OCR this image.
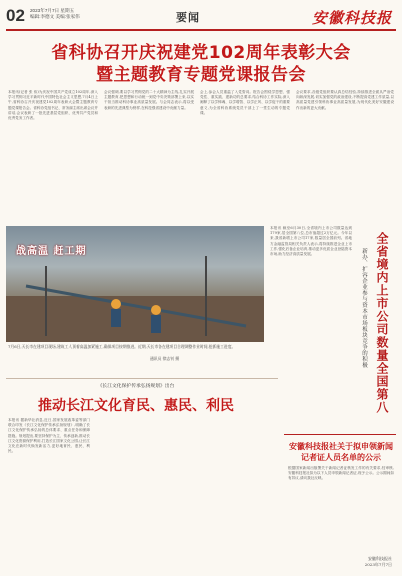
02 2023年7月7日 星期五
编辑:李德文 美编:张家伟	要闻	安徽科技报
省科协召开庆祝建党102周年表彰大会
暨主题教育专题党课报告会
本报讯(记者 张 伟)为庆祝中国共产党成立102周年,深入学习贯彻习近平新时代中国特色社会主义思想,7月4日上午,省科协召开庆祝建党102周年表彰大会暨主题教育专题党课报告会。省科协党组书记、常务副主席出席会议并讲话,会议表彰了一批先进基层党组织、优秀共产党员和优秀党务工作者。
会议强调,要以学习贯彻党的二十大精神为主线,扎实开展主题教育,把思想和行动统一到党中央决策部署上来,以实干担当推动科协事业高质量发展。与会同志表示,将以受表彰的先进典型为榜样,在科技强省建设中贡献力量。
会上,参会人员重温了入党誓词。报告会围绕学思想、强党性、重实践、建新功的总要求,结合科协工作实际,深入阐释了以学铸魂、以学增智、以学正风、以学促干的重要意义,为全省科协系统党员干部上了一堂生动的专题党课。
会议要求,各级党组织要认真总结经验,持续推进全面从严治党向纵深发展,切实加强党的政治建设,不断提高党建工作质量,以高质量党建引领科协事业高质量发展,为现代化美好安徽建设作出新的更大贡献。
战高温 赶工期
7月6日,天长市在建项目现场,建筑工人顶着高温加紧施工,确保项目按期推进。近期,天长市各在建项目合理调整作业时间,抢抓施工进度。
通讯员 徐志钊 摄
本报讯 截至6月30日,全省境内上市公司数量达到179家,居全国第八位,总市值超过2万亿元。今年以来,我省新增上市公司17家,数量居全国前列。省地方金融监管局相关负责人表示,将持续推进企业上市工作,强化后备企业培育,推动更多优质企业登陆资本市场,助力经济高质量发展。	新办、扩容企业参与资本市场板块竞争的积极 全省境内上市公司数量全国第八
《长江文化保护传承弘扬规划》出台
推动长江文化育民、惠民、利民
本报讯 据新华社消息,近日,国家发展改革委等部门联合印发《长江文化保护传承弘扬规划》,明确了长江文化保护传承弘扬的总体要求、重点任务和保障措施。规划提出,要坚持保护为主、传承创新,推动长江文化资源保护利用,打造长江国家文化公园,让长江文化在新时代焕发新活力,更好地育民、惠民、利民。
安徽科技报社关于拟申领新闻记者证人员名单的公示
根据国家新闻出版署关于新闻记者证核发工作的有关要求,经审核,安徽科技报社拟为以下人员申领新闻记者证,现予公示。公示期间如有异议,请向我社反映。
安徽科技报社
2023年7月7日
